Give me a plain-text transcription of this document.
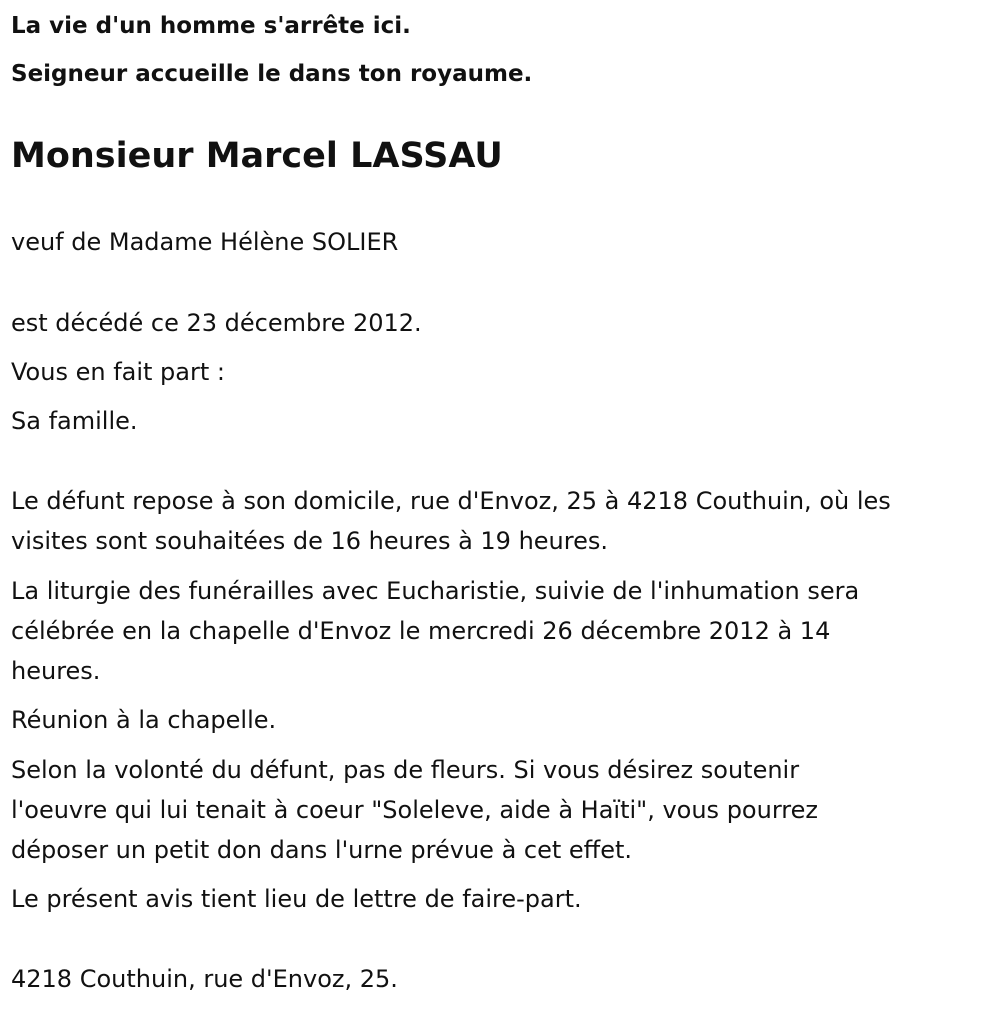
La vie d'un homme s'arrête ici.

Seigneur accueille le dans ton royaume.

Monsieur Marcel LASSAU

veuf de Madame Hélène SOLIER

est décédé ce 23 décembre 2012.

Vous en fait part :

Sa famille.

Le défunt repose à son domicile, rue d'Envoz, 25 à 4218 Couthuin, où les
visites sont souhaitées de 16 heures à 19 heures.
La liturgie des funérailles avec Eucharistie, suivie de l'inhumation sera
célébrée en la chapelle d'Envoz le mercredi 26 décembre 2012 à 14
heures.

Réunion à la chapelle.

Selon la volonté du défunt, pas de fleurs. Si vous désirez soutenir
l'oeuvre qui lui tenait à coeur "Soleleve, aide à Haïti", vous pourrez
déposer un petit don dans l'urne prévue à cet effet.

Le présent avis tient lieu de lettre de faire-part.

4218 Couthuin, rue d'Envoz, 25.
